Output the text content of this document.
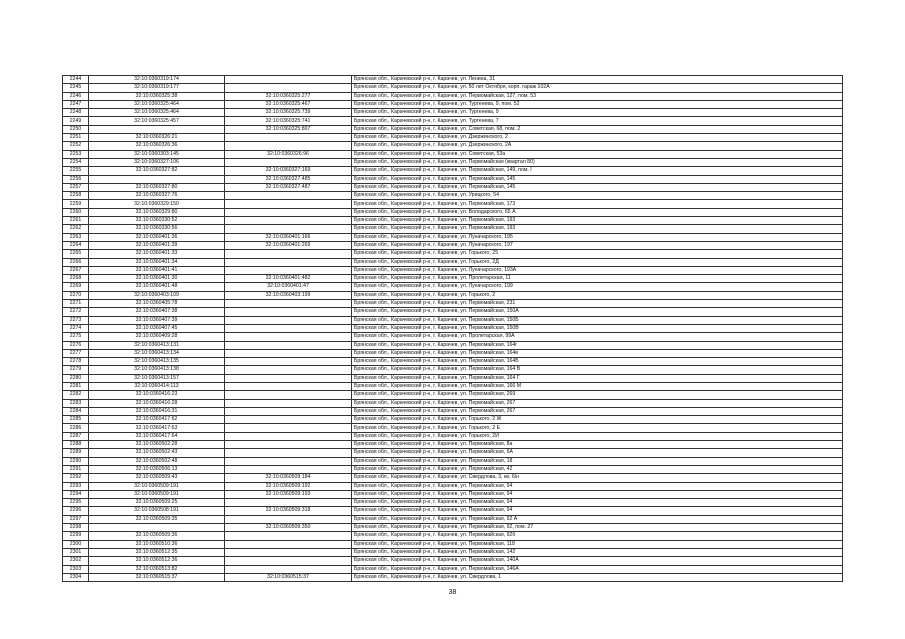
2244	32:10:0360319:174		Брянская обл., Карачевский р-н, г. Карачев, ул. Ленина, 31
2245	32:10:0360319:177		Брянская обл., Карачевский р-н, г. Карачев, ул. 50 лет Октября, корп. гараж 102А
2246	32:10:0360325:38	32:10:0360325:277	Брянская обл., Карачевский р-н, г. Карачев, ул. Первомайская, 127, пом. 53
2247	32:10:0360325:464	32:10:0360325:467	Брянская обл., Карачевский р-н, г. Карачев, ул. Тургенева, 9, пом. 52
2248	32:10:0360325:464	32:10:0360325:739	Брянская обл., Карачевский р-н, г. Карачев, ул. Тургенева, 9
2249	32:10:0360325:457	32:10:0360325:741	Брянская обл., Карачевский р-н, г. Карачев, ул. Тургенева, 7
2250		32:10:0360325:807	Брянская обл., Карачевский р-н, г. Карачев, ул. Советская, 68, пом. 2
2251	32:10:0360326:21		Брянская обл., Карачевский р-н, г. Карачев, ул. Дзержинского, 2
2252	32:10:0360326:36		Брянская обл., Карачевский р-н, г. Карачев, ул. Дзержинского, 2А
2253	32:10:0360303:145	32:10:0360326:96	Брянская обл., Карачевский р-н, г. Карачев, ул. Советская, 53а
2254	32:10:0360327:106		Брянская обл., Карачевский р-н, г. Карачев, ул. Первомайская (квартал 80)
2255	32:10:0360327:82	32:10:0360327:169	Брянская обл., Карачевский р-н, г. Карачев, ул. Первомайская, 149, пом. I
2256		32:10:0360327:485	Брянская обл., Карачевский р-н, г. Карачев, ул. Первомайская, 145
2257	32:10:0360327:80	32:10:0360327:487	Брянская обл., Карачевский р-н, г. Карачев, ул. Первомайская, 145
2258	32:10:0360327:76		Брянская обл., Карачевский р-н, г. Карачев, ул. Урицкого, 54
2259	32:10:0360329:150		Брянская обл., Карачевский р-н, г. Карачев, ул. Первомайская, 173
2260	32:10:0360329:80		Брянская обл., Карачевский р-н, г. Карачев, ул. Володарского, 65 А
2261	32:10:0360330:52		Брянская обл., Карачевский р-н, г. Карачев, ул. Первомайская, 193
2262	32:10:0360330:56		Брянская обл., Карачевский р-н, г. Карачев, ул. Первомайская, 193
2263	32:10:0360401:36	32:10:0360401:166	Брянская обл., Карачевский р-н, г. Карачев, ул. Луначарского, 195
2264	32:10:0360401:39	32:10:0360401:269	Брянская обл., Карачевский р-н, г. Карачев, ул. Луначарского, 197
2265	32:10:0360401:33		Брянская обл., Карачевский р-н, г. Карачев, ул. Горького, 25
2266	32:10:0360401:34		Брянская обл., Карачевский р-н, г. Карачев, ул. Горького, 2Д
2267	32:10:0360401:41		Брянская обл., Карачевский р-н, г. Карачев, ул. Луначарского, 193А
2268	32:10:0360401:30	32:10:0360401:482	Брянская обл., Карачевский р-н, г. Карачев, ул. Пролетарская, 11
2269	32:10:0360401:48	32:10:0360401:47	Брянская обл., Карачевский р-н, г. Карачев, ул. Луначарского, 199
2270	32:10:0360403:109	32:10:0360403:199	Брянская обл., Карачевский р-н, г. Карачев, ул. Горького, 2
2271	32:10:0360405:78		Брянская обл., Карачевский р-н, г. Карачев, ул. Первомайская, 231
2272	32:10:0360407:38		Брянская обл., Карачевский р-н, г. Карачев, ул. Первомайская, 150А
2273	32:10:0360407:39		Брянская обл., Карачевский р-н, г. Карачев, ул. Первомайская, 150Б
2274	32:10:0360407:45		Брянская обл., Карачевский р-н, г. Карачев, ул. Первомайская, 150В
2275	32:10:0360409:28		Брянская обл., Карачевский р-н, г. Карачев, ул. Пролетарская, 99А
2276	32:10:0360413:131		Брянская обл., Карачевский р-н, г. Карачев, ул. Первомайская, 164г
2277	32:10:0360413:134		Брянская обл., Карачевский р-н, г. Карачев, ул. Первомайская, 164в
2278	32:10:0360413:135		Брянская обл., Карачевский р-н, г. Карачев, ул. Первомайская, 164Б
2279	32:10:0360413:138		Брянская обл., Карачевский р-н, г. Карачев, ул. Первомайская, 164 В
2280	32:10:0360413:157		Брянская обл., Карачевский р-н, г. Карачев, ул. Первомайская, 164 Г
2281	32:10:0360414:113		Брянская обл., Карачевский р-н, г. Карачев, ул. Первомайская, 166 М
2282	32:10:0360416:23		Брянская обл., Карачевский р-н, г. Карачев, ул. Первомайская, 269
2283	32:10:0360416:28		Брянская обл., Карачевский р-н, г. Карачев, ул. Первомайская, 267
2284	32:10:0360416:31		Брянская обл., Карачевский р-н, г. Карачев, ул. Первомайская, 267
2285	32:10:0360417:62		Брянская обл., Карачевский р-н, г. Карачев, ул. Горького, 2 Ж
2286	32:10:0360417:63		Брянская обл., Карачевский р-н, г. Карачев, ул. Горького, 2 Е
2287	32:10:0360417:64		Брянская обл., Карачевский р-н, г. Карачев, ул. Горького, 2И
2288	32:10:0360502:28		Брянская обл., Карачевский р-н, г. Карачев, ул. Первомайская, 8а
2289	32:10:0360502:43		Брянская обл., Карачевский р-н, г. Карачев, ул. Первомайская, 6А
2290	32:10:0360502:48		Брянская обл., Карачевский р-н, г. Карачев, ул. Первомайская, 18
2291	32:10:0360506:13		Брянская обл., Карачевский р-н, г. Карачев, ул. Первомайская, 42
2292	32:10:0360509:43	32:10:0360509:184	Брянская обл., Карачевский р-н, г. Карачев, ул. Свердлова, 3, кв. 6/н
2293	32:10:0360509:191	32:10:0360509:192	Брянская обл., Карачевский р-н, г. Карачев, ул. Первомайская, 94
2294	32:10:0360509:191	32:10:0360509:193	Брянская обл., Карачевский р-н, г. Карачев, ул. Первомайская, 94
2295	32:10:0360509:25		Брянская обл., Карачевский р-н, г. Карачев, ул. Первомайская, 94
2296	32:10:0360508:191	32:10:0360509:318	Брянская обл., Карачевский р-н, г. Карачев, ул. Первомайская, 94
2297	32:10:0360509:35		Брянская обл., Карачевский р-н, г. Карачев, ул. Первомайская, 92 А
2298		32:10:0360509:350	Брянская обл., Карачевский р-н, г. Карачев, ул. Первомайская, 92, пом. 27
2299	32:10:0360509:36		Брянская обл., Карачевский р-н, г. Карачев, ул. Первомайская, 92б
2300	32:10:0360510:36		Брянская обл., Карачевский р-н, г. Карачев, ул. Первомайская, 118
2301	32:10:0360512:35		Брянская обл., Карачевский р-н, г. Карачев, ул. Первомайская, 142
2302	32:10:0360512:36		Брянская обл., Карачевский р-н, г. Карачев, ул. Первомайская, 140А
2303	32:10:0360513:82		Брянская обл., Карачевский р-н, г. Карачев, ул. Первомайская, 146А
2304	32:10:0360515:37	32:10:0360515:37	Брянская обл., Карачевский р-н, г. Карачев, ул. Свердлова, 1
38
